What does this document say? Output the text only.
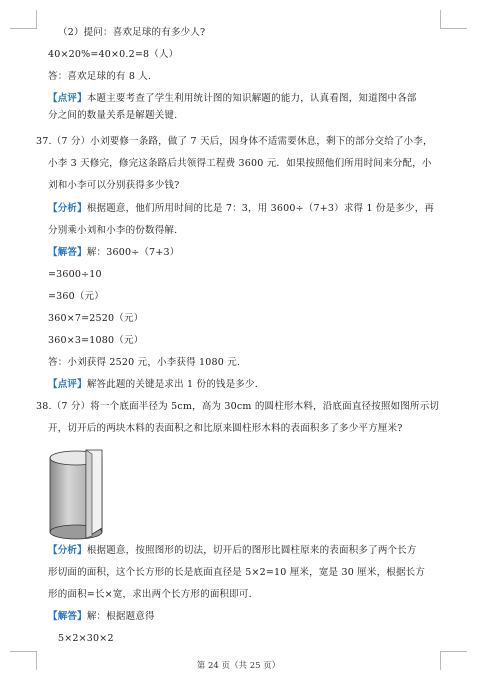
（2）提问：喜欢足球的有多少人?
40×20%=40×0.2=8（人）
答：喜欢足球的有 8 人.
【点评】本题主要考查了学生利用统计图的知识解题的能力，认真看图，知道图中各部
分之间的数量关系是解题关键.
37.（7 分）小刘要修一条路，做了 7 天后，因身体不适需要休息，剩下的部分交给了小李，
小李 3 天修完，修完这条路后共领得工程费 3600 元．如果按照他们所用时间来分配，小
刘和小李可以分别获得多少钱?
【分析】根据题意，他们所用时间的比是 7：3，用 3600÷（7+3）求得 1 份是多少，再
分别乘小刘和小李的份数得解.
【解答】解：3600÷（7+3）
=3600÷10
=360（元）
360×7=2520（元）
360×3=1080（元）
答：小刘获得 2520 元，小李获得 1080 元.
【点评】解答此题的关键是求出 1 份的钱是多少.
38.（7 分）将一个底面半径为 5cm，高为 30cm 的圆柱形木料，沿底面直径按照如图所示切
开，切开后的两块木料的表面积之和比原来圆柱形木料的表面积多了多少平方厘米?
【分析】根据题意，按照图形的切法，切开后的图形比圆柱原来的表面积多了两个长方
形切面的面积，这个长方形的长是底面直径是 5×2=10 厘米，宽是 30 厘米，根据长方
形的面积=长×宽，求出两个长方形的面积即可.
【解答】解：根据题意得
5×2×30×2
第 24 页（共 25 页）
